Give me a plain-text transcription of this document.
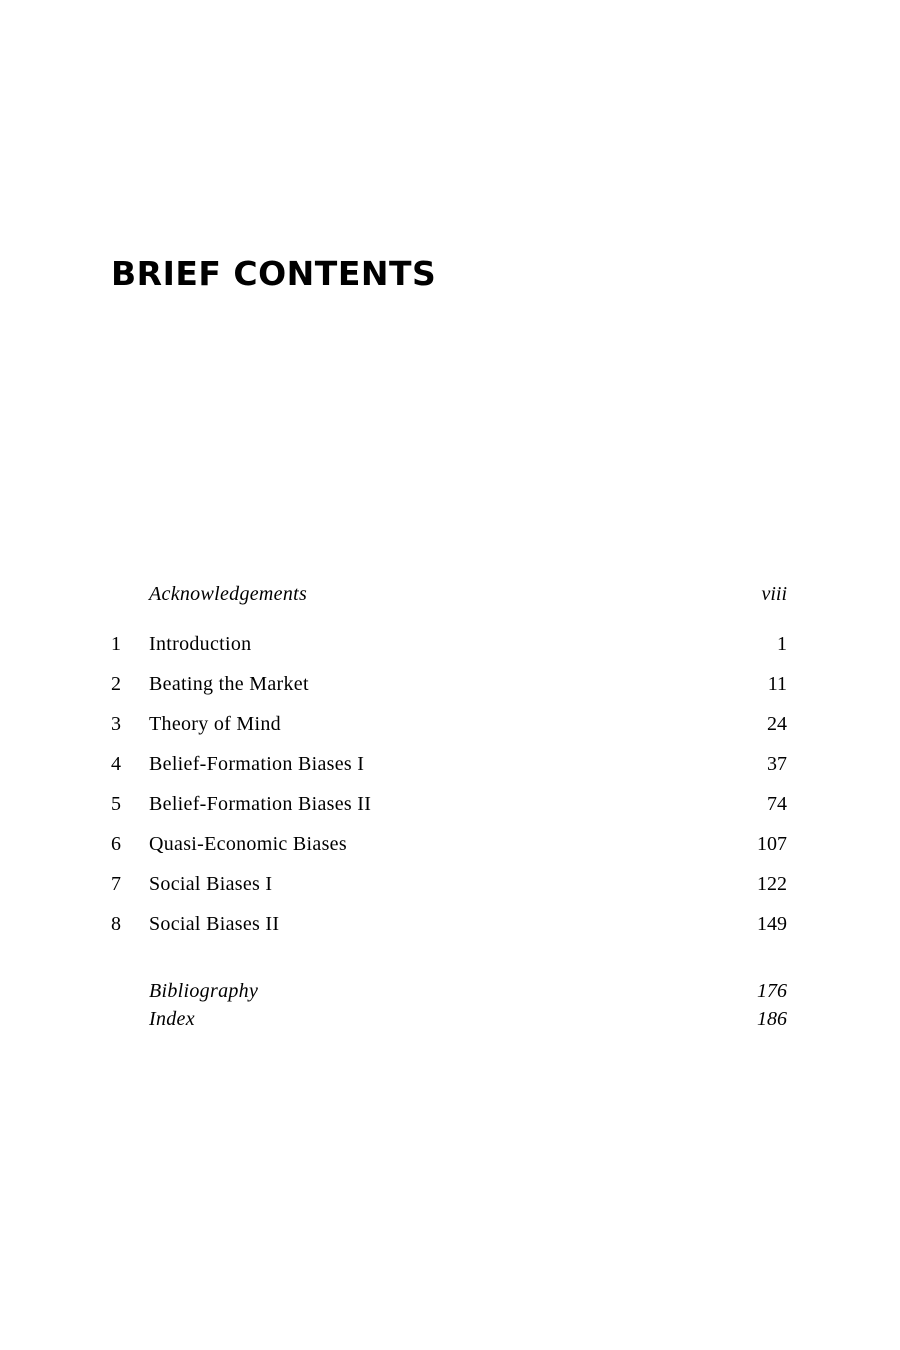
BRIEF CONTENTS
Acknowledgements	viii
1	Introduction	1
2	Beating the Market	11
3	Theory of Mind	24
4	Belief-Formation Biases I	37
5	Belief-Formation Biases II	74
6	Quasi-Economic Biases	107
7	Social Biases I	122
8	Social Biases II	149
Bibliography	176
Index	186
